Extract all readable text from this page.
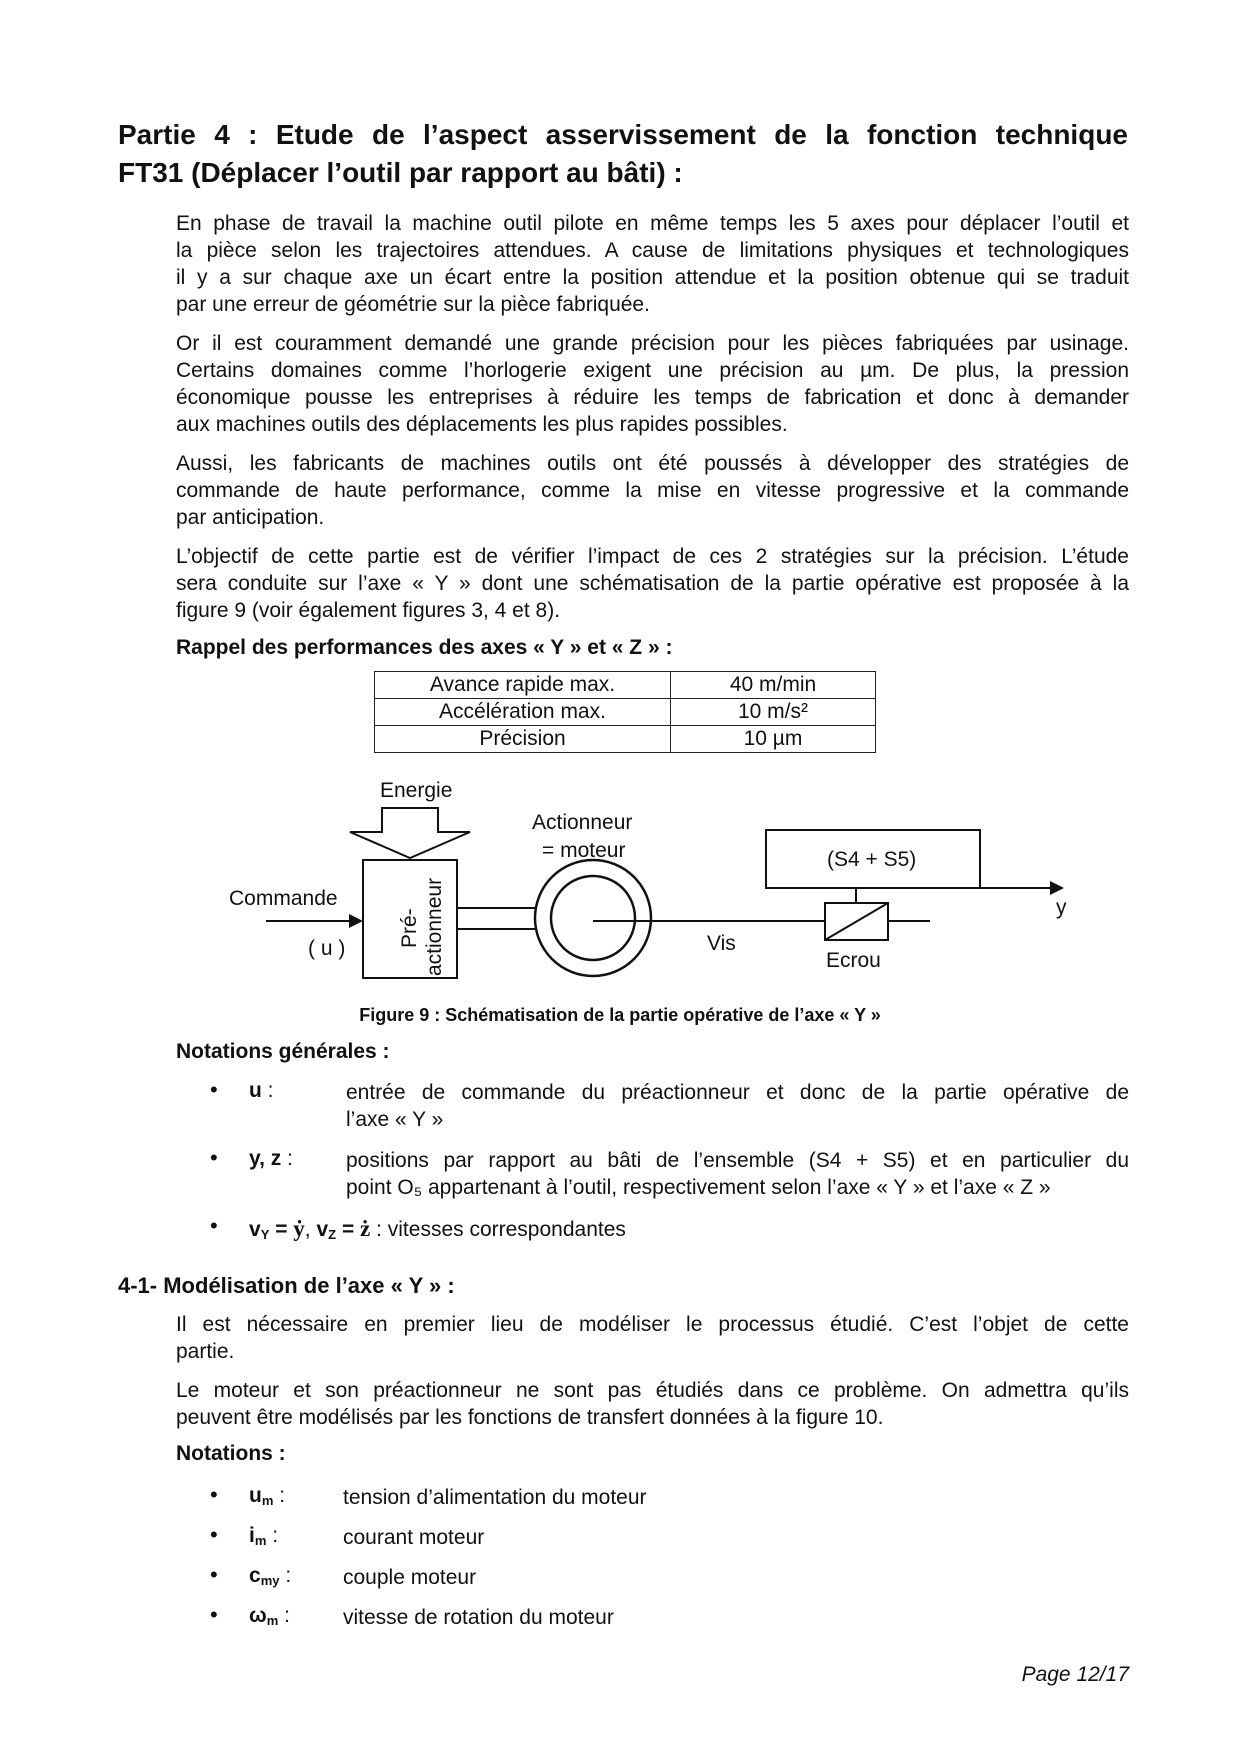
Partie 4 : Etude de l’aspect asservissement de la fonction technique
FT31 (Déplacer l’outil par rapport au bâti) :

En phase de travail la machine outil pilote en même temps les 5 axes pour déplacer l’outil et
la pièce selon les trajectoires attendues. A cause de limitations physiques et technologiques
il y a sur chaque axe un écart entre la position attendue et la position obtenue qui se traduit
par une erreur de géométrie sur la pièce fabriquée.

Or il est couramment demandé une grande précision pour les pièces fabriquées par usinage.
Certains domaines comme l’horlogerie exigent une précision au µm. De plus, la pression
économique pousse les entreprises à réduire les temps de fabrication et donc à demander
aux machines outils des déplacements les plus rapides possibles.

Aussi, les fabricants de machines outils ont été poussés à développer des stratégies de
commande de haute performance, comme la mise en vitesse progressive et la commande
par anticipation.

L’objectif de cette partie est de vérifier l’impact de ces 2 stratégies sur la précision. L’étude
sera conduite sur l’axe « Y » dont une schématisation de la partie opérative est proposée à la
figure 9 (voir également figures 3, 4 et 8).

Rappel des performances des axes « Y » et « Z » :
Avance rapide max.	40 m/min
Accélération max.	10 m/s²
Précision	10 µm
Energie
Pré- actionneur
Commande
( u )
Actionneur
= moteur
Vis
Ecrou
(S4 + S5)
y
Figure 9 : Schématisation de la partie opérative de l’axe « Y »
Notations générales :
• u :	entrée de commande du préactionneur et donc de la partie opérative de
l’axe « Y »
• y, z :	positions par rapport au bâti de l’ensemble (S4 + S5) et en particulier du
point O₅ appartenant à l’outil, respectivement selon l’axe « Y » et l’axe « Z »
• $v_Y$ = ẏ, $v_Z$ = ż : vitesses correspondantes
4-1- Modélisation de l’axe « Y » :

Il est nécessaire en premier lieu de modéliser le processus étudié. C’est l’objet de cette
partie.

Le moteur et son préactionneur ne sont pas étudiés dans ce problème. On admettra qu’ils
peuvent être modélisés par les fonctions de transfert données à la figure 10.

Notations :
• $u_m$ :	tension d’alimentation du moteur
• $i_m$ :	courant moteur
• $c_{my}$ : couple moteur
• $\omega_m$ :	vitesse de rotation du moteur
Page 12/17
